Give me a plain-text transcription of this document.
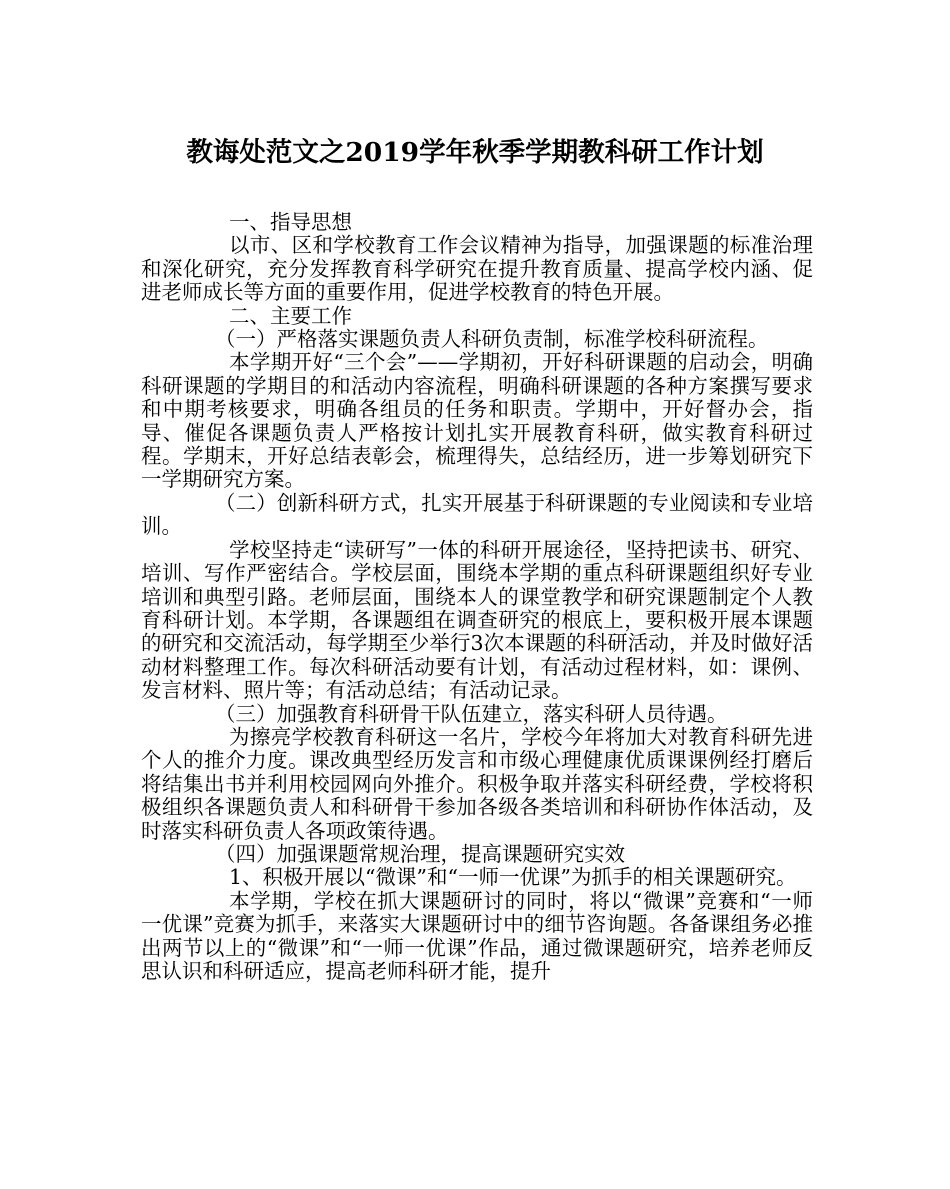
教诲处范文之2019学年秋季学期教科研工作计划

一、指导思想

以市、区和学校教育工作会议精神为指导，加强课题的标准治理和深化研究，充分发挥教育科学研究在提升教育质量、提高学校内涵、促进老师成长等方面的重要作用，促进学校教育的特色开展。

二、主要工作

（一）严格落实课题负责人科研负责制，标准学校科研流程。

本学期开好“三个会”——学期初，开好科研课题的启动会，明确科研课题的学期目的和活动内容流程，明确科研课题的各种方案撰写要求和中期考核要求，明确各组员的任务和职责。学期中，开好督办会，指导、催促各课题负责人严格按计划扎实开展教育科研，做实教育科研过程。学期末，开好总结表彰会，梳理得失，总结经历，进一步筹划研究下一学期研究方案。

（二）创新科研方式，扎实开展基于科研课题的专业阅读和专业培训。

学校坚持走“读研写”一体的科研开展途径，坚持把读书、研究、培训、写作严密结合。学校层面，围绕本学期的重点科研课题组织好专业培训和典型引路。老师层面，围绕本人的课堂教学和研究课题制定个人教育科研计划。本学期，各课题组在调查研究的根底上，要积极开展本课题的研究和交流活动，每学期至少举行3次本课题的科研活动，并及时做好活动材料整理工作。每次科研活动要有计划，有活动过程材料，如：课例、发言材料、照片等；有活动总结；有活动记录。

（三）加强教育科研骨干队伍建立，落实科研人员待遇。

为擦亮学校教育科研这一名片，学校今年将加大对教育科研先进个人的推介力度。课改典型经历发言和市级心理健康优质课课例经打磨后将结集出书并利用校园网向外推介。积极争取并落实科研经费，学校将积极组织各课题负责人和科研骨干参加各级各类培训和科研协作体活动，及时落实科研负责人各项政策待遇。

（四）加强课题常规治理，提高课题研究实效

1、积极开展以“微课”和“一师一优课”为抓手的相关课题研究。

本学期，学校在抓大课题研讨的同时，将以“微课”竞赛和“一师一优课”竞赛为抓手，来落实大课题研讨中的细节咨询题。各备课组务必推出两节以上的“微课”和“一师一优课”作品，通过微课题研究，培养老师反思认识和科研适应，提高老师科研才能，提升
